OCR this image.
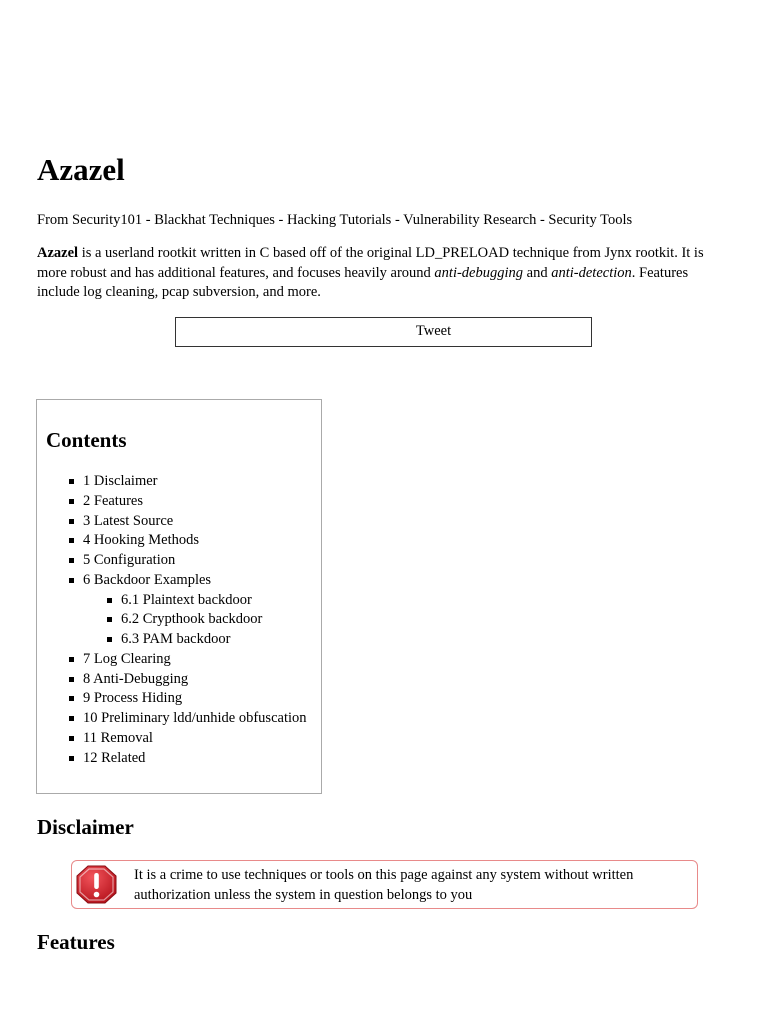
Azazel

From Security101 - Blackhat Techniques - Hacking Tutorials - Vulnerability Research - Security Tools

Azazel is a userland rootkit written in C based off of the original LD_PRELOAD technique from Jynx rootkit. It is more robust and has additional features, and focuses heavily around anti-debugging and anti-detection. Features include log cleaning, pcap subversion, and more.

Tweet
Contents
1 Disclaimer
2 Features
3 Latest Source
4 Hooking Methods
5 Configuration
6 Backdoor Examples
6.1 Plaintext backdoor
6.2 Crypthook backdoor
6.3 PAM backdoor
7 Log Clearing
8 Anti-Debugging
9 Process Hiding
10 Preliminary ldd/unhide obfuscation
11 Removal
12 Related
Disclaimer
It is a crime to use techniques or tools on this page against any system without written authorization unless the system in question belongs to you
Features
